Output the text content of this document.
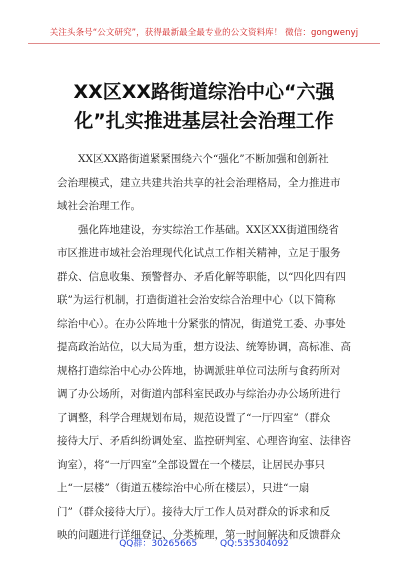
关注头条号“公文研究”，获得最新最全最专业的公文资料库！ 微信：gongwenyj
XX区XX路街道综治中心“六强
化”扎实推进基层社会治理工作
XX区XX路街道紧紧围绕六个“强化”不断加强和创新社
会治理模式，建立共建共治共享的社会治理格局，全力推进市
域社会治理工作。
强化阵地建设，夯实综治工作基础。XX区XX街道围绕省
市区推进市域社会治理现代化试点工作相关精神，立足于服务
群众、信息收集、预警督办、矛盾化解等职能，以“四化四有四
联”为运行机制，打造街道社会治安综合治理中心（以下简称
综治中心）。在办公阵地十分紧张的情况，街道党工委、办事处
提高政治站位，以大局为重，想方设法、统筹协调，高标准、高
规格打造综治中心办公阵地，协调派驻单位司法所与食药所对
调了办公场所，对街道内部科室民政办与综治办办公场所进行
了调整，科学合理规划布局，规范设置了“一厅四室”（群众
接待大厅、矛盾纠纷调处室、监控研判室、心理咨询室、法律咨
询室），将“一厅四室”全部设置在一个楼层，让居民办事只
上“一层楼”（街道五楼综治中心所在楼层），只进“一扇
门”（群众接待大厅）。接待大厅工作人员对群众的诉求和反
映的问题进行详细登记、分类梳理，第一时间解决和反馈群众
QQ群：30265665	QQ:535304092
